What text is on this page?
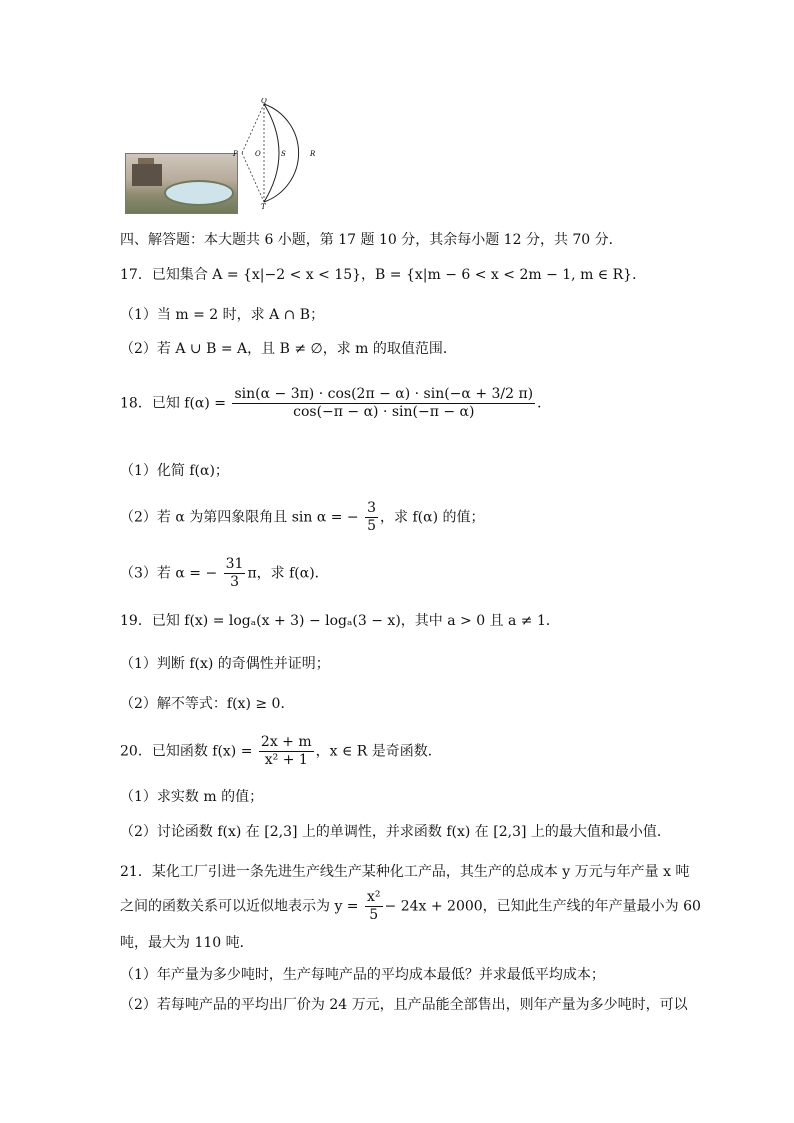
Q
P O	S	R
T
四、解答题：本大题共 6 小题，第 17 题 10 分，其余每小题 12 分，共 70 分．
17．已知集合 A = {x|−2 < x < 15}，B = {x|m − 6 < x < 2m − 1, m ∈ R}．
（1）当 m = 2 时，求 A ∩ B；
（2）若 A ∪ B = A，且 B ≠ ∅，求 m 的取值范围．
18．已知 $f(\alpha) = \frac{\sin(\alpha - 3\pi) \cdot \cos(2\pi - \alpha) \cdot \sin(-\alpha + 3/2 \pi)}{\cos(-\pi - \alpha) \cdot \sin(-\pi - \alpha)}$ ．
（1）化简 f(α)；
（2）若 α 为第四象限角且 sin α = − $\frac{3}{5}$ ，求 f(α) 的值；
（3）若 α = − $\frac{31}{3}$ π，求 f(α)．
19．已知 f(x) = logₐ(x + 3) − logₐ(3 − x)，其中 a > 0 且 a ≠ 1．
（1）判断 f(x) 的奇偶性并证明；
（2）解不等式：f(x) ≥ 0．
20．已知函数 $f(x) = \frac{2x + m}{\text{x² + 1}}$ ，x ∈ R 是奇函数．
（1）求实数 m 的值；
（2）讨论函数 f(x) 在 [2,3] 上的单调性，并求函数 f(x) 在 [2,3] 上的最大值和最小值．
21．某化工厂引进一条先进生产线生产某种化工产品，其生产的总成本 y 万元与年产量 x 吨
之间的函数关系可以近似地表示为 $y = \frac{\text{x²}}{5} - 24x + 2000$，已知此生产线的年产量最小为 60
吨，最大为 110 吨．
（1）年产量为多少吨时，生产每吨产品的平均成本最低？并求最低平均成本；
（2）若每吨产品的平均出厂价为 24 万元，且产品能全部售出，则年产量为多少吨时，可以
